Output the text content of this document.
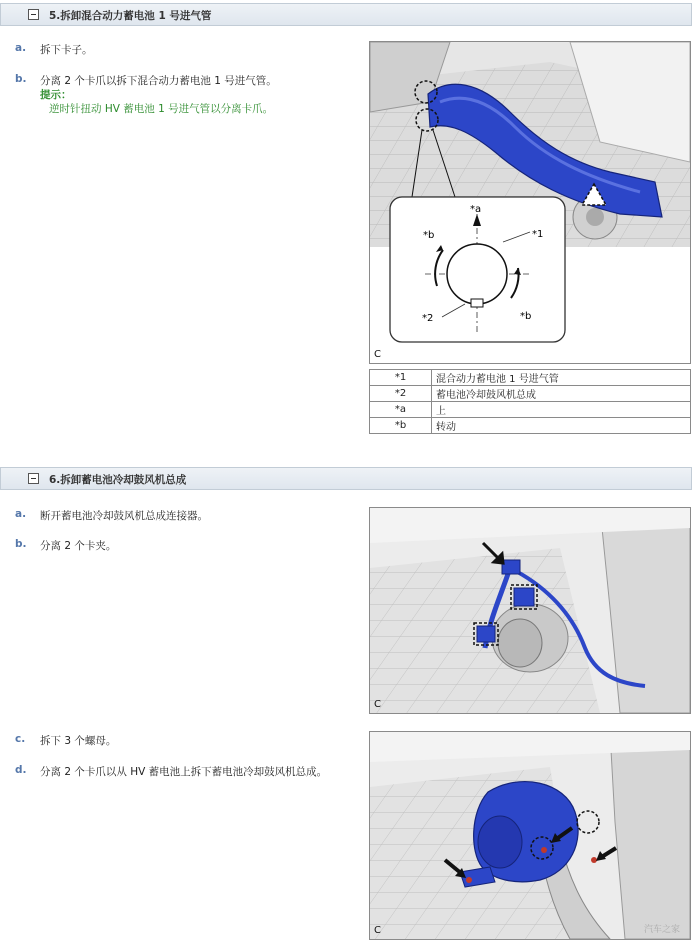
5.拆卸混合动力蓄电池 1 号进气管
a. 拆下卡子。
b. 分离 2 个卡爪以拆下混合动力蓄电池 1 号进气管。
提示：
逆时针扭动 HV 蓄电池 1 号进气管以分离卡爪。
*a
*b
*b
*1
*2
C
*1	混合动力蓄电池 1 号进气管
*2	蓄电池冷却鼓风机总成
*a	上
*b	转动
6.拆卸蓄电池冷却鼓风机总成
a. 断开蓄电池冷却鼓风机总成连接器。
b. 分离 2 个卡夹。
C
c. 拆下 3 个螺母。
d. 分离 2 个卡爪以从 HV 蓄电池上拆下蓄电池冷却鼓风机总成。
C	汽车之家
